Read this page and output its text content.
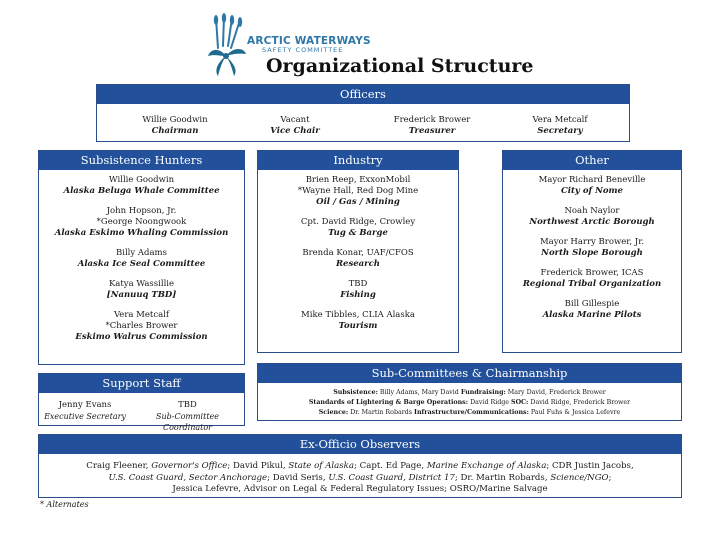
ARCTIC WATERWAYS
SAFETY COMMITTEE
Organizational Structure
Officers
Willie Goodwin
Chairman
Vacant
Vice Chair
Frederick Brower
Treasurer
Vera Metcalf
Secretary
Subsistence Hunters
Willie Goodwin
Alaska Beluga Whale Committee
John Hopson, Jr.
*George Noongwook
Alaska Eskimo Whaling Commission
Billy Adams
Alaska Ice Seal Committee
Katya Wassillie
[Nanuuq TBD]
Vera Metcalf
*Charles Brower
Eskimo Walrus Commission
Industry
Brien Reep, ExxonMobil
*Wayne Hall, Red Dog Mine
Oil / Gas / Mining
Cpt. David Ridge, Crowley
Tug & Barge
Brenda Konar, UAF/CFOS
Research
TBD
Fishing
Mike Tibbles, CLIA Alaska
Tourism
Other
Mayor Richard Beneville
City of Nome
Noah Naylor
Northwest Arctic Borough
Mayor Harry Brower, Jr.
North Slope Borough
Frederick Brower, ICAS
Regional Tribal Organization
Bill Gillespie
Alaska Marine Pilots
Support Staff
Jenny Evans
Executive Secretary
TBD
Sub-Committee Coordinator
Sub-Committees & Chairmanship
Subsistence: Billy Adams, Mary David Fundraising: Mary David, Frederick Brower
Standards of Lightering & Barge Operations: David Ridge SOC: David Ridge, Frederick Brower
Science: Dr. Martin Robards Infrastructure/Communications: Paul Fuhs & Jessica Lefevre
Ex-Officio Observers
Craig Fleener, Governor's Office; David Pikul, State of Alaska; Capt. Ed Page, Marine Exchange of Alaska; CDR Justin Jacobs,
U.S. Coast Guard, Sector Anchorage; David Seris, U.S. Coast Guard, District 17; Dr. Martin Robards, Science/NGO;
Jessica Lefevre, Advisor on Legal & Federal Regulatory Issues; OSRO/Marine Salvage
* Alternates
